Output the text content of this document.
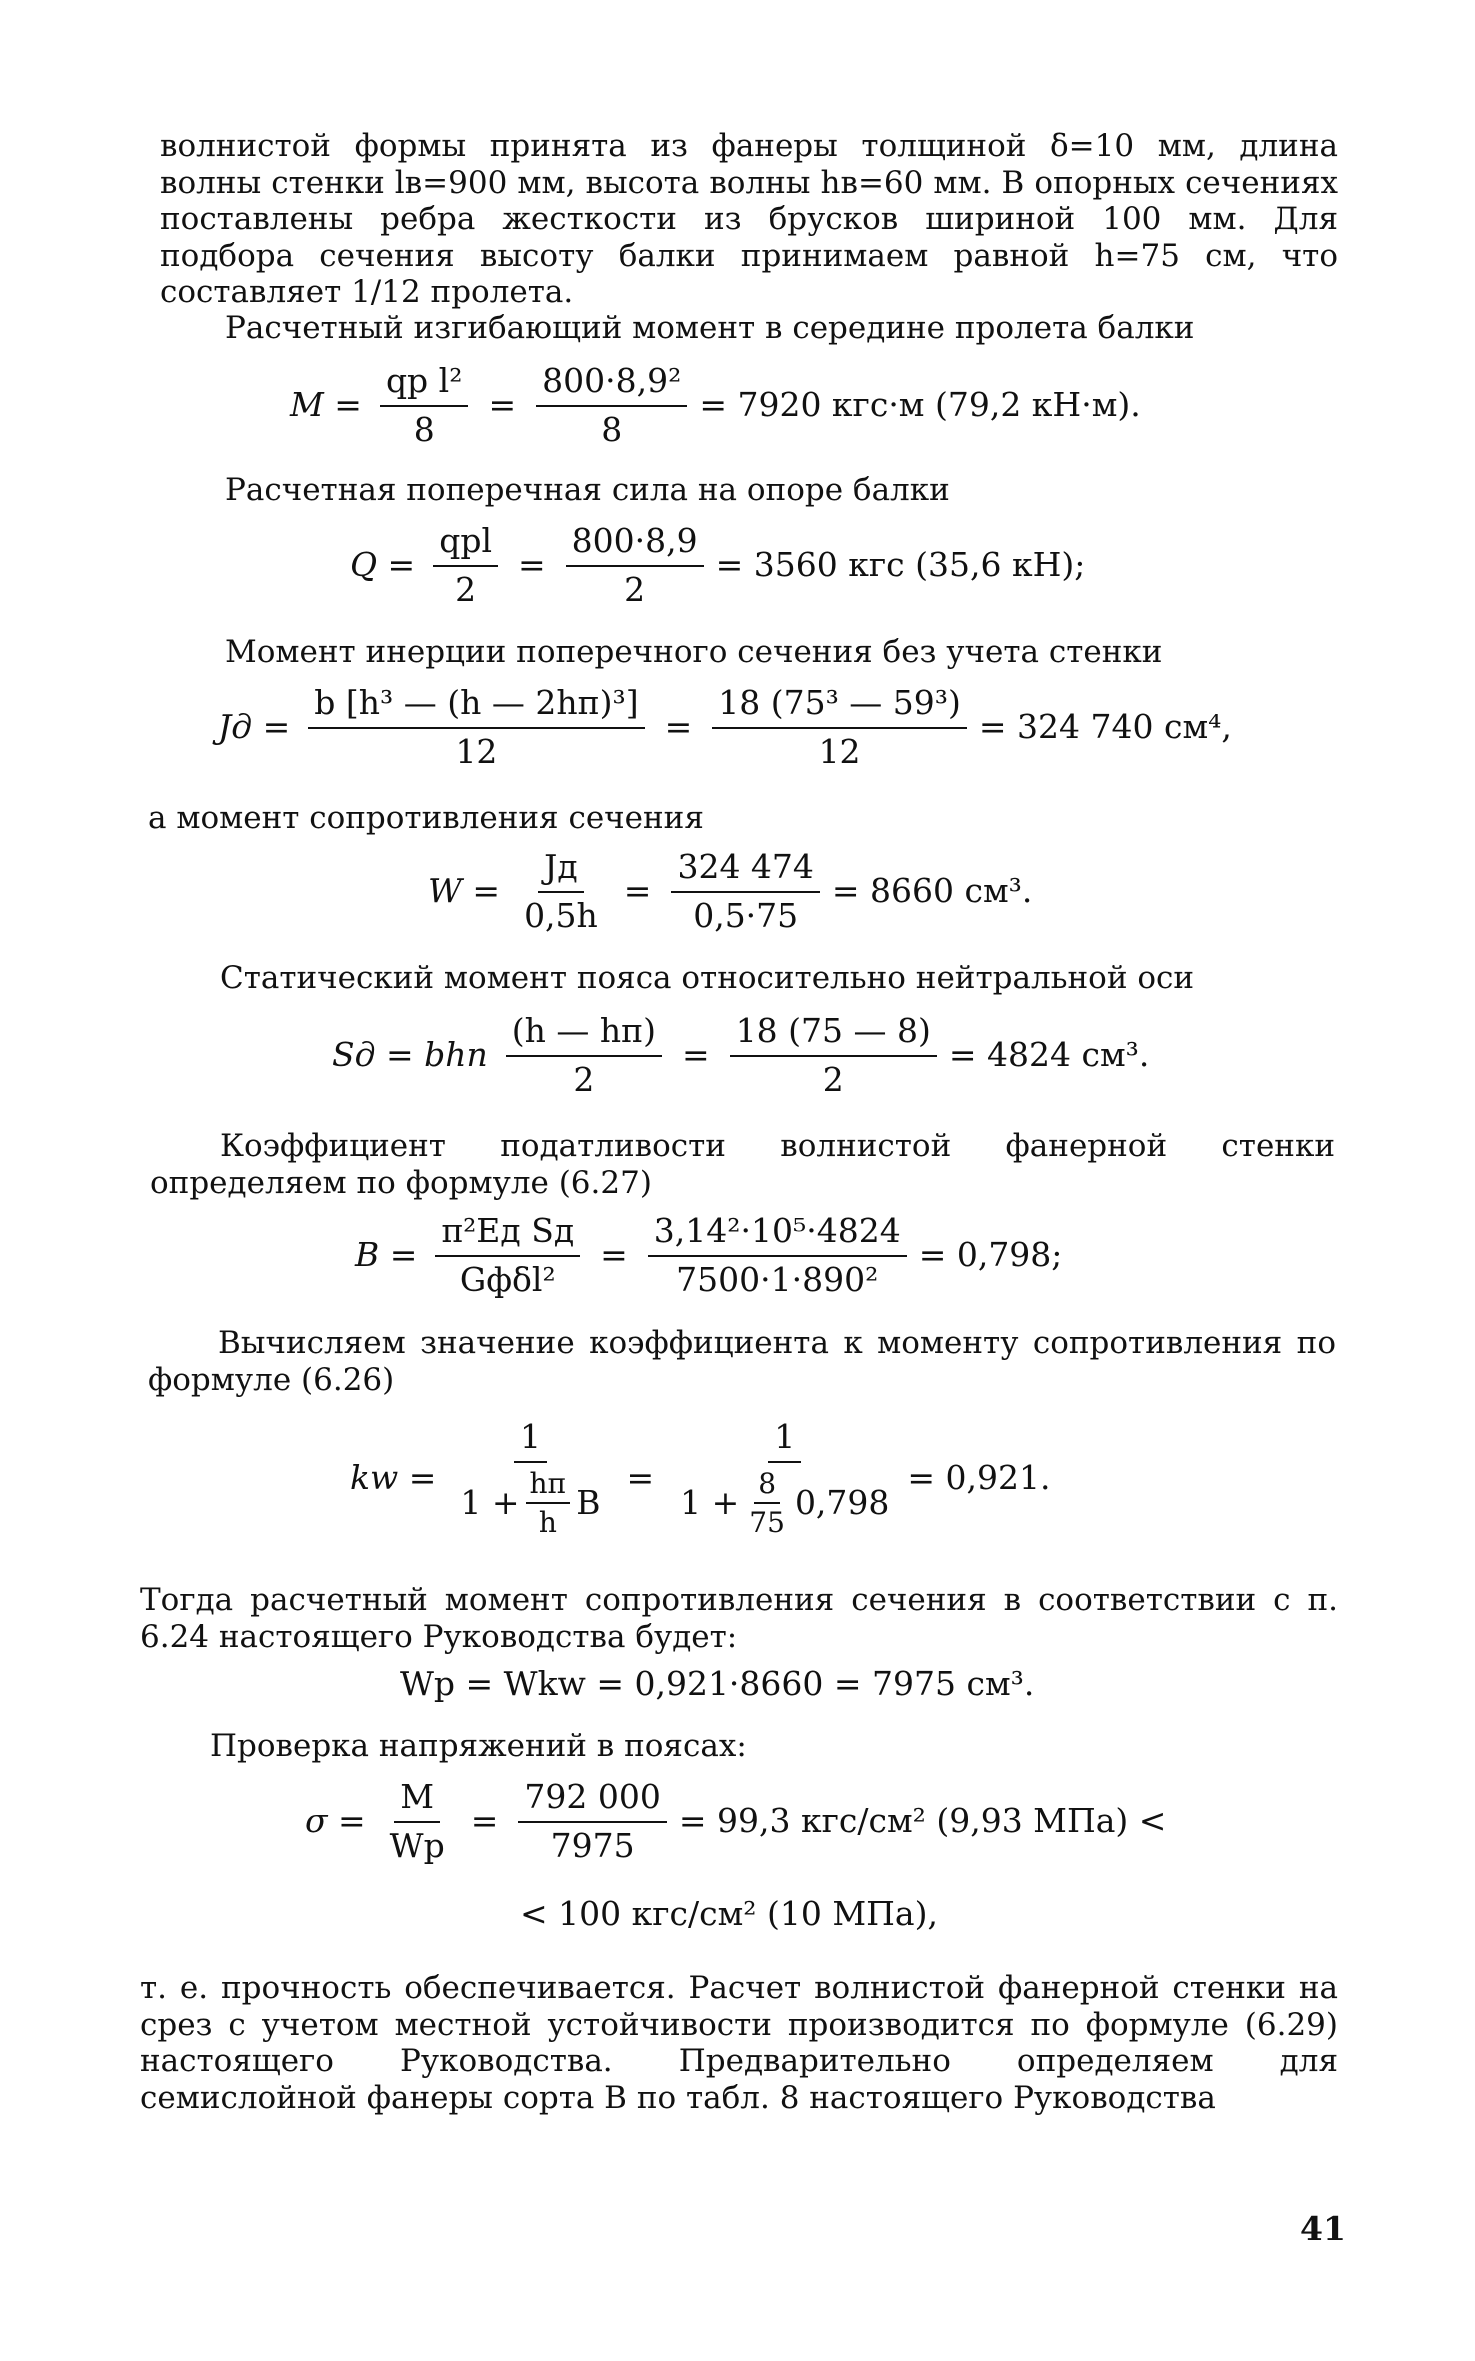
волнистой формы принята из фанеры толщиной δ=10 мм, длина волны стенки lв=900 мм, высота волны hв=60 мм. В опорных сечениях поставлены ребра жесткости из брусков шириной 100 мм. Для подбора сечения высоту балки принимаем равной h=75 см, что составляет 1/12 пролета.
Расчетный изгибающий момент в середине пролета балки
$M = \frac{\text{qр l²}}{8} = \frac{\text{800·8,9²}}{8} = 7920$ кгс·м (79,2 кН·м).
Расчетная поперечная сила на опоре балки
$Q = \frac{\text{qрl}}{2} = \frac{800\cdot 8,9}{2} = 3560$ кгс (35,6 кН);
Момент инерции поперечного сечения без учета стенки
Jд = $\frac{\text{b [h³ — (h — 2hп)³]}}{12} = \frac{\text{18 (75³ — 59³)}}{12} = 324$ 740 см⁴,
а момент сопротивления сечения
$W = \frac{Jд}{0,5h} = \frac{324 474}{0,5\cdot 75} = 8660$ см³.
Статический момент пояса относительно нейтральной оси
Sд = bhп $\frac{(h — hп)}{2} = \frac{18 (75 — 8)}{2} = 4824$ см³.
Коэффициент податливости волнистой фанерной стенки определяем по формуле (6.27)
$B = \frac{\text{π²Eд Sд}}{\text{Gфδl²}} = \frac{\text{3,14²·10⁵·4824}}{\text{7500·1·890²}} = 0,798$;
Вычисляем значение коэффициента к моменту сопротивления по формуле (6.26)
kw = $\frac{1}{1 + \frac{hп}{h} B} = \frac{1}{1 + \frac{8}{75} 0,798} = 0,921$.
Тогда расчетный момент сопротивления сечения в соответствии с п. 6.24 настоящего Руководства будет:
Wр = Wkw = 0,921·8660 = 7975 см³.
Проверка напряжений в поясах:
$\sigma = \frac{M}{Wр} = \frac{792 000}{7975} = 99,3$ кгс/см² (9,93 МПа) <
< 100 кгс/см² (10 МПа),
т. е. прочность обеспечивается. Расчет волнистой фанерной стенки на срез с учетом местной устойчивости производится по формуле (6.29) настоящего Руководства. Предварительно определяем для семислойной фанеры сорта В по табл. 8 настоящего Руководства
41
